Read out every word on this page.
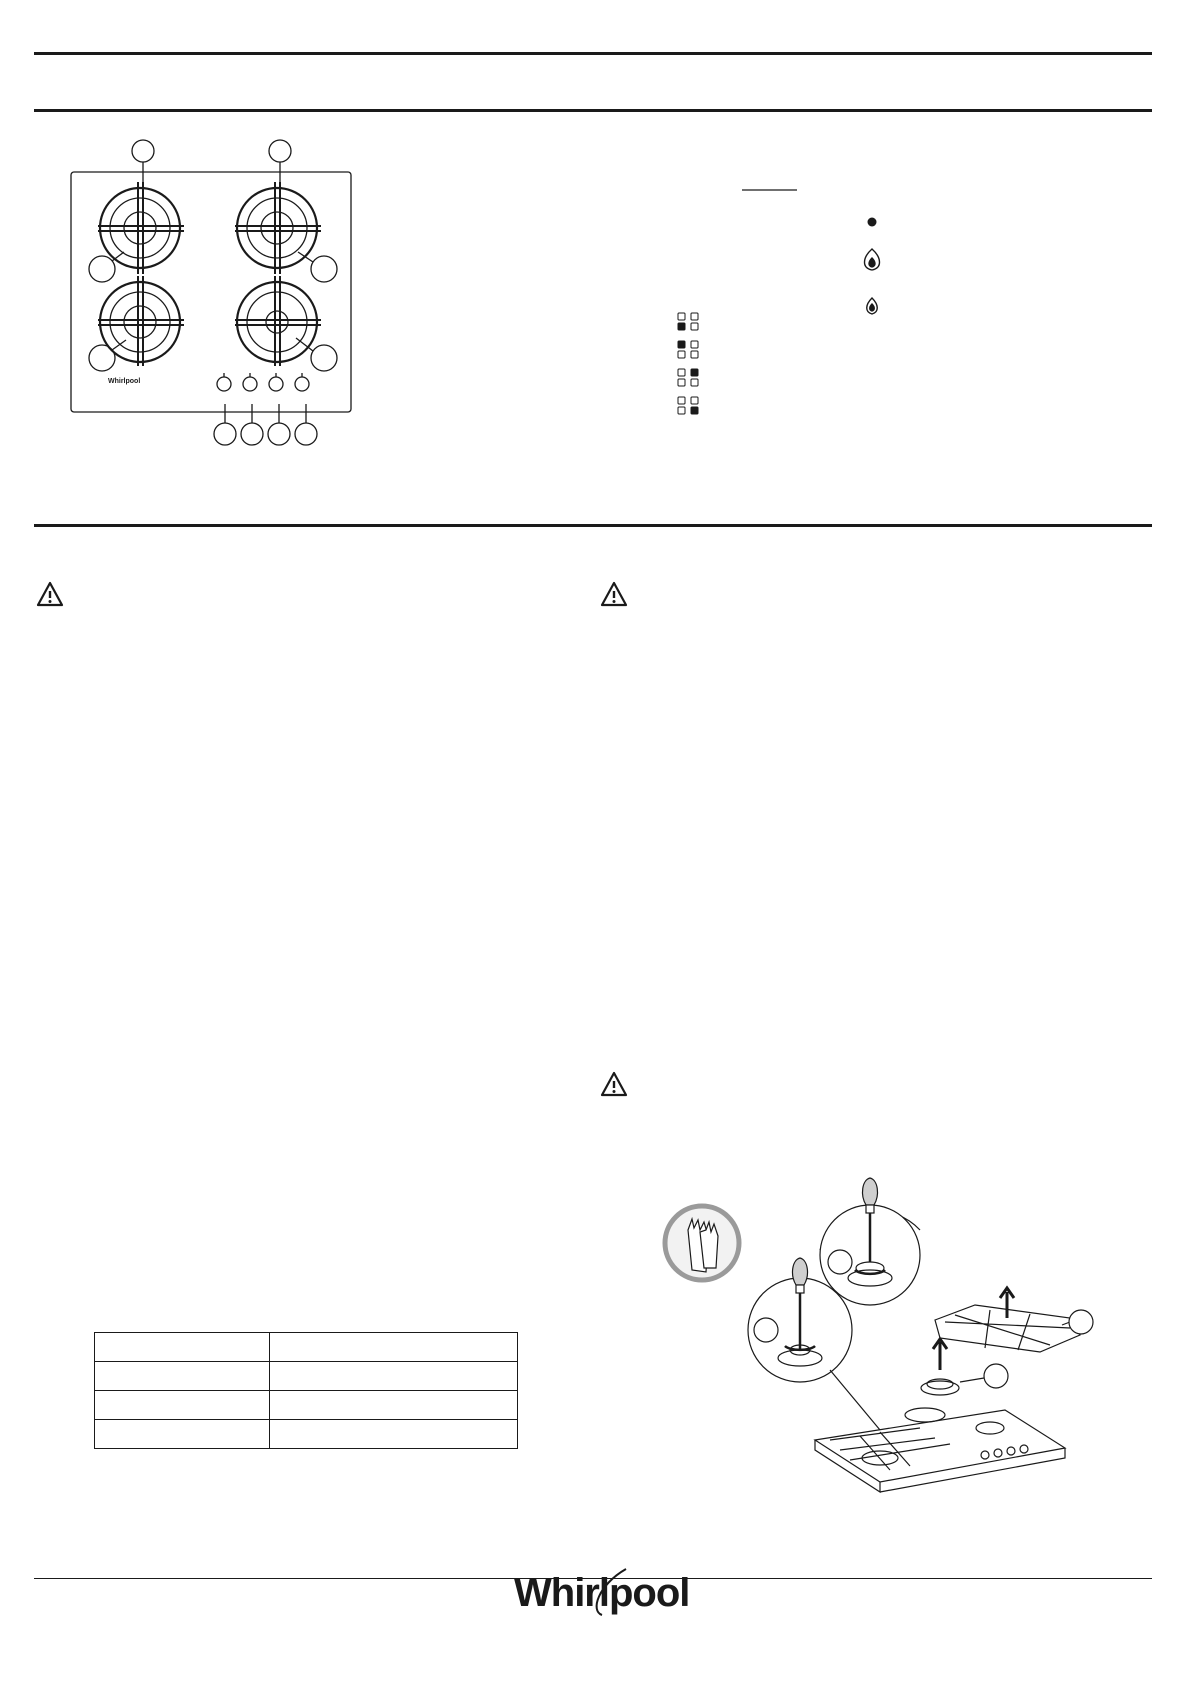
Whirlpool

Whirlpool
